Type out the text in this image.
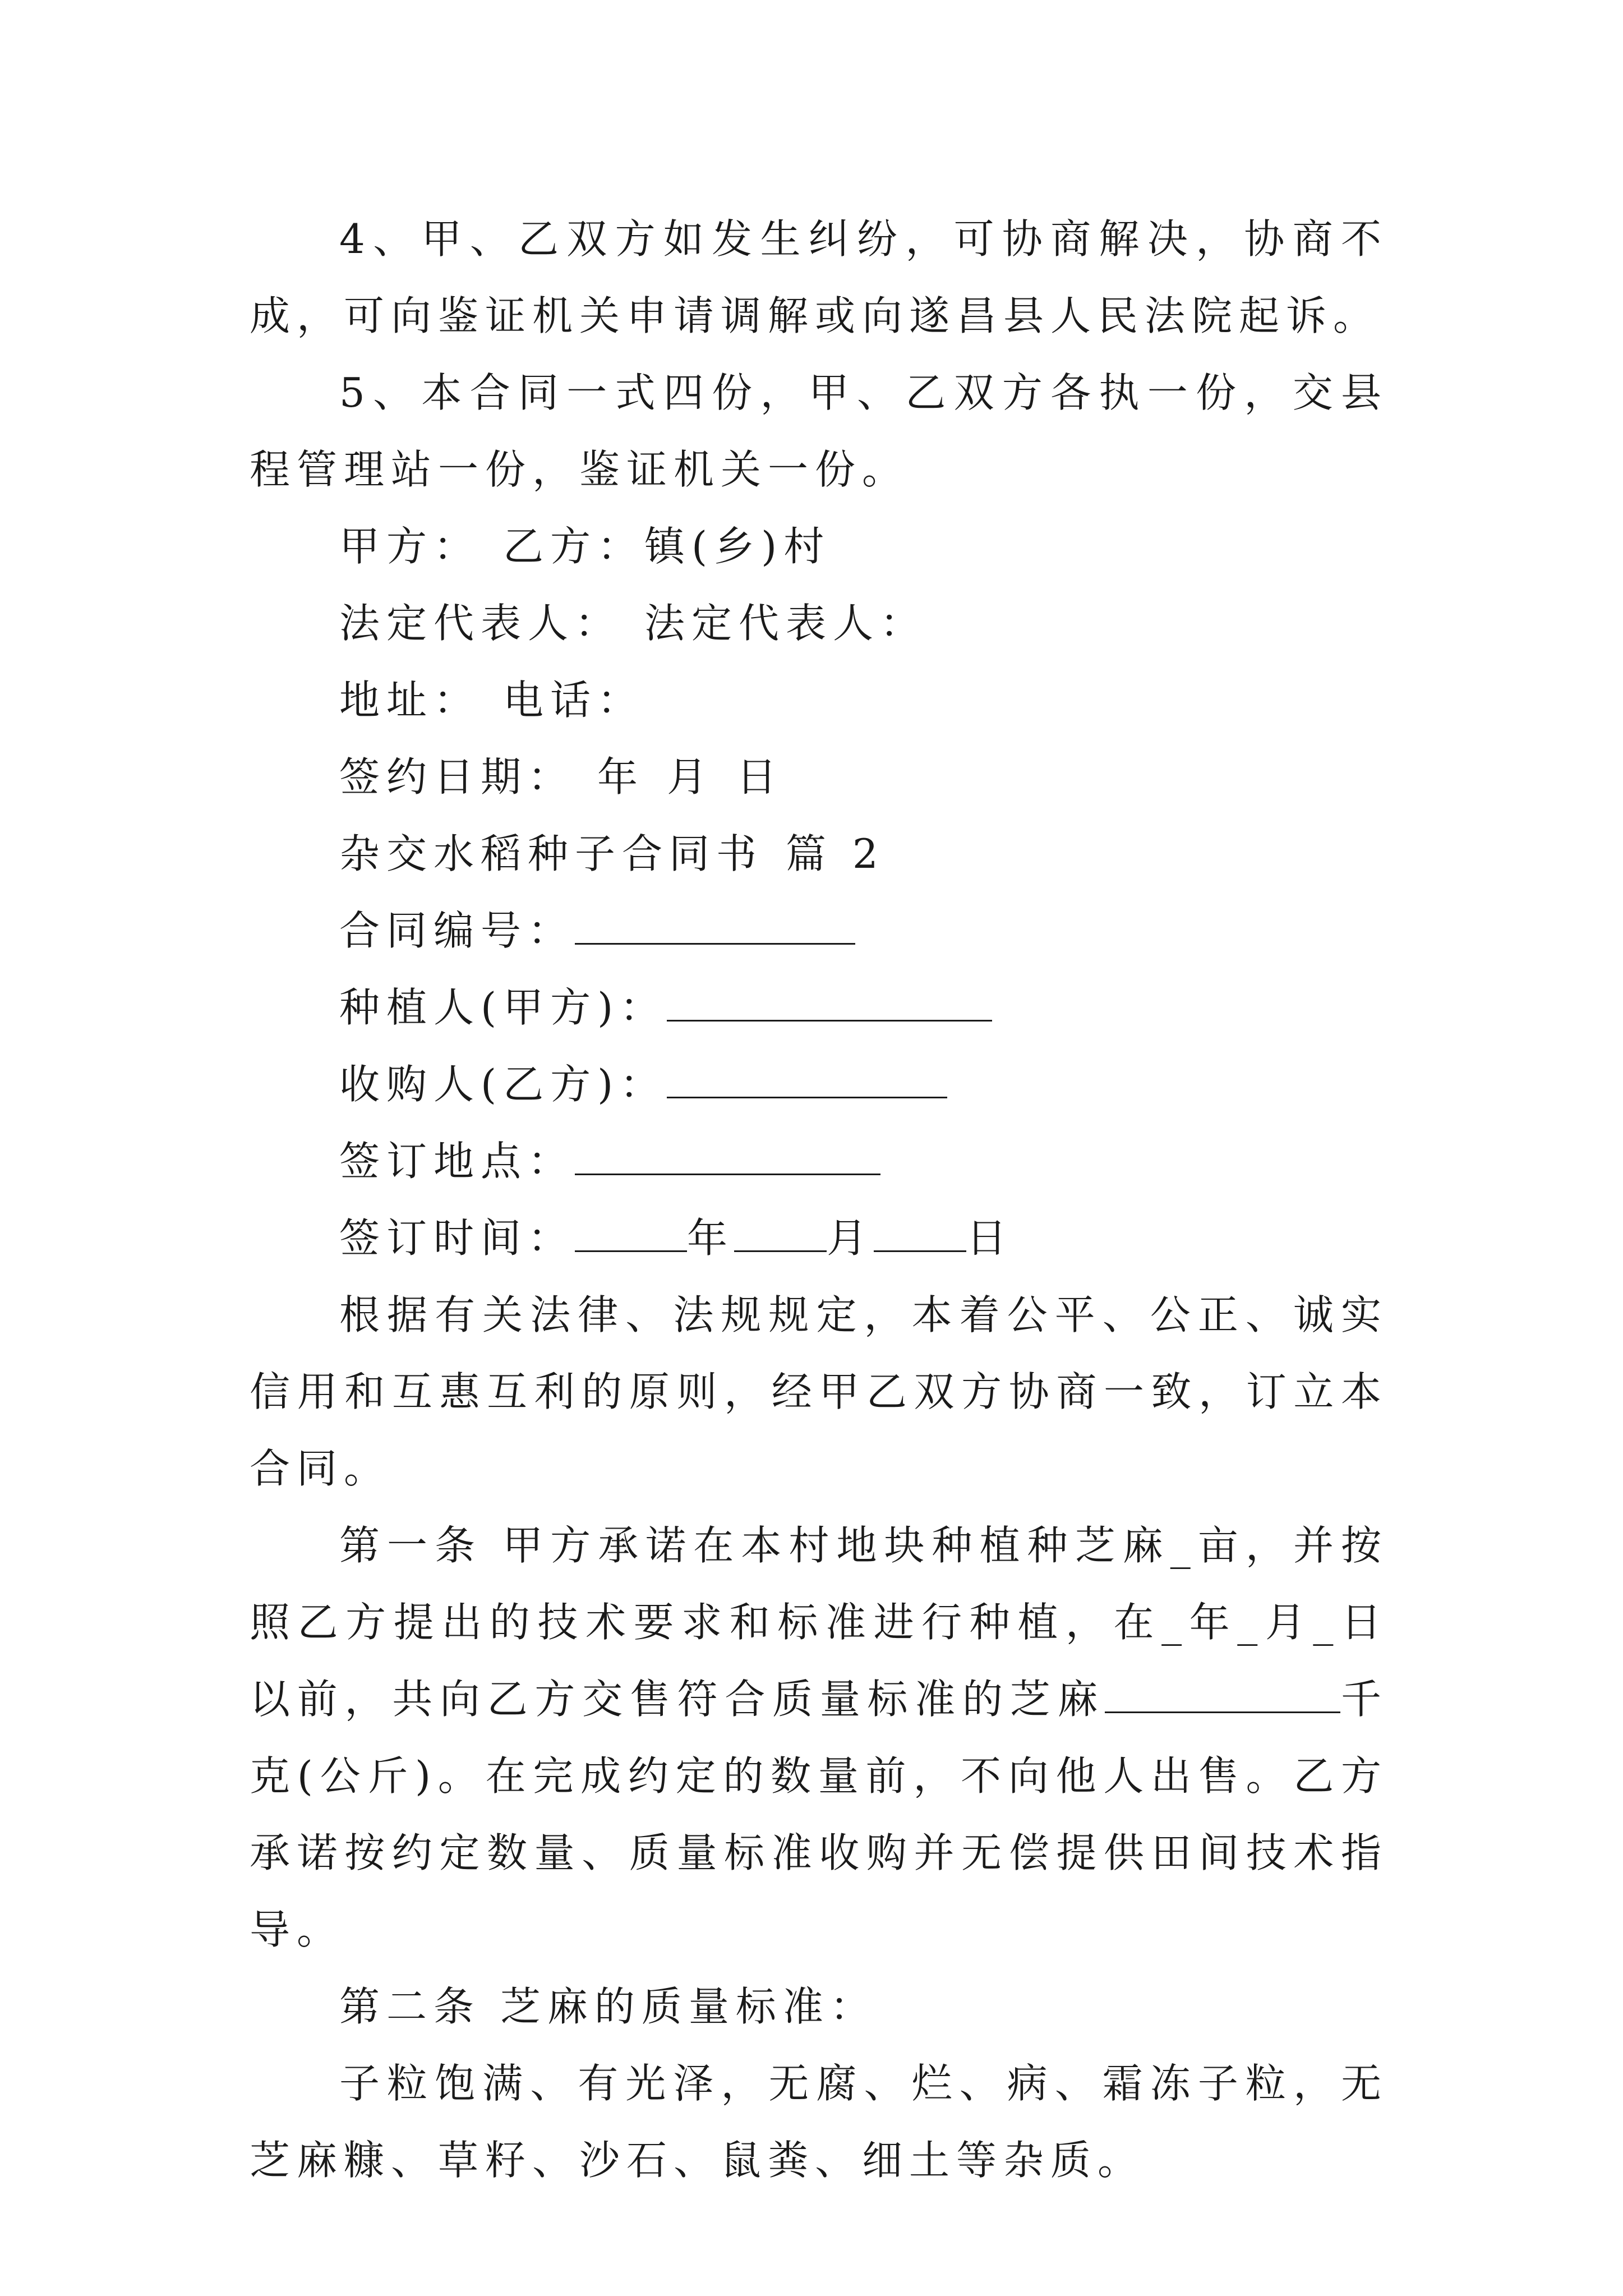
4、甲、乙双方如发生纠纷，可协商解决，协商不成，可向鉴证机关申请调解或向遂昌县人民法院起诉。

5、本合同一式四份，甲、乙双方各执一份，交县程管理站一份，鉴证机关一份。

甲方： 乙方：镇(乡)村

法定代表人： 法定代表人：

地址： 电话：

签约日期： 年 月 日

杂交水稻种子合同书 篇 2

合同编号：

种植人(甲方)：

收购人(乙方)：

签订地点：

签订时间：	年 月 日

根据有关法律、法规规定，本着公平、公正、诚实信用和互惠互利的原则，经甲乙双方协商一致，订立本合同。

第一条 甲方承诺在本村地块种植种芝麻_亩，并按照乙方提出的技术要求和标准进行种植，在_年_月_日以前，共向乙方交售符合质量标准的芝麻	千克(公斤)。在完成约定的数量前，不向他人出售。乙方承诺按约定数量、质量标准收购并无偿提供田间技术指导。

第二条 芝麻的质量标准：

子粒饱满、有光泽，无腐、烂、病、霜冻子粒，无芝麻糠、草籽、沙石、鼠粪、细土等杂质。
